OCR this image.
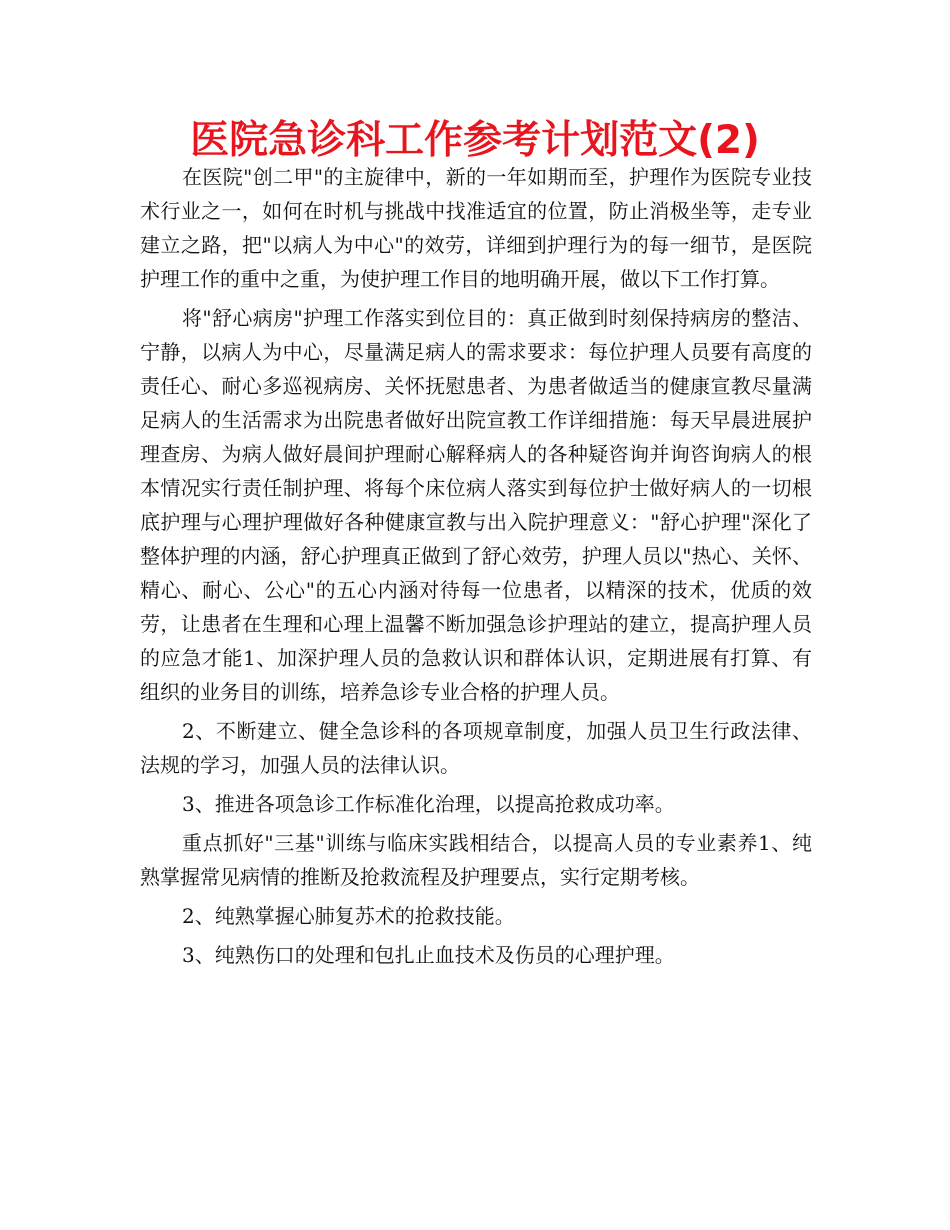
医院急诊科工作参考计划范文(2)

在医院"创二甲"的主旋律中，新的一年如期而至，护理作为医院专业技术行业之一，如何在时机与挑战中找准适宜的位置，防止消极坐等，走专业建立之路，把"以病人为中心"的效劳，详细到护理行为的每一细节，是医院护理工作的重中之重，为使护理工作目的地明确开展，做以下工作打算。

将"舒心病房"护理工作落实到位目的：真正做到时刻保持病房的整洁、宁静，以病人为中心，尽量满足病人的需求要求：每位护理人员要有高度的责任心、耐心多巡视病房、关怀抚慰患者、为患者做适当的健康宣教尽量满足病人的生活需求为出院患者做好出院宣教工作详细措施：每天早晨进展护理查房、为病人做好晨间护理耐心解释病人的各种疑咨询并询咨询病人的根本情况实行责任制护理、将每个床位病人落实到每位护士做好病人的一切根底护理与心理护理做好各种健康宣教与出入院护理意义："舒心护理"深化了整体护理的内涵，舒心护理真正做到了舒心效劳，护理人员以"热心、关怀、精心、耐心、公心"的五心内涵对待每一位患者，以精深的技术，优质的效劳，让患者在生理和心理上温馨不断加强急诊护理站的建立，提高护理人员的应急才能1、加深护理人员的急救认识和群体认识，定期进展有打算、有组织的业务目的训练，培养急诊专业合格的护理人员。

2、不断建立、健全急诊科的各项规章制度，加强人员卫生行政法律、法规的学习，加强人员的法律认识。

3、推进各项急诊工作标准化治理，以提高抢救成功率。

重点抓好"三基"训练与临床实践相结合，以提高人员的专业素养1、纯熟掌握常见病情的推断及抢救流程及护理要点，实行定期考核。

2、纯熟掌握心肺复苏术的抢救技能。

3、纯熟伤口的处理和包扎止血技术及伤员的心理护理。
